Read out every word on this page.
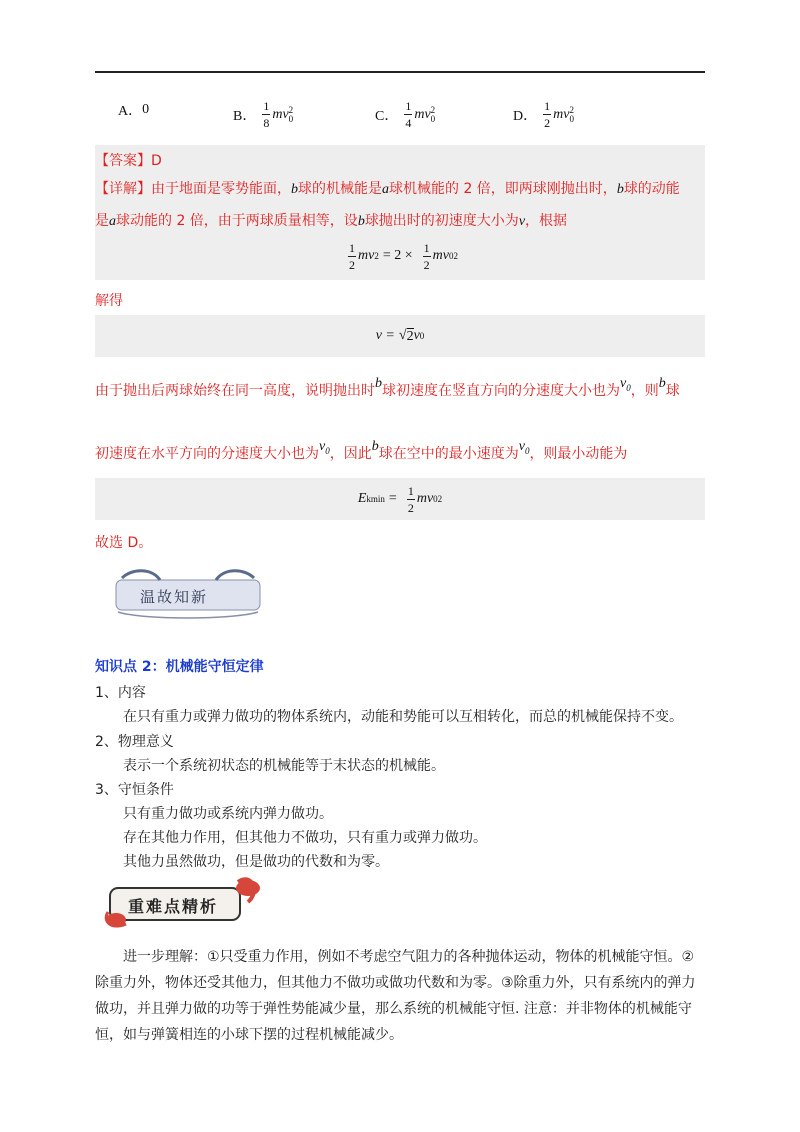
A． 0	B． $\frac{1}{8}$ mv 2
0	C． $\frac{1}{4}$ mv 2
0	D． $\frac{1}{2}$ mv 2
0
【答案】D
【详解】由于地面是零势能面，b球的机械能是a球机械能的 2 倍，即两球刚抛出时，b球的动能
是a球动能的 2 倍，由于两球质量相等，设b球抛出时的初速度大小为v，根据
$\frac{1}{2}$ mv $2 = 2 \times \frac{1}{2}$ mv 0 2
解得
v = √ 2 v 0
由于抛出后两球始终在同一高度，说明抛出时b球初速度在竖直方向的分速度大小也为$v_0$，则b球
初速度在水平方向的分速度大小也为$v_0$，因此b球在空中的最小速度为$v_0$，则最小动能为
E $kmin = \frac{1}{2}$ mv 0 2
故选 D。
温故知新
知识点 2：机械能守恒定律
1、内容
在只有重力或弹力做功的物体系统内，动能和势能可以互相转化，而总的机械能保持不变。
2、物理意义
表示一个系统初状态的机械能等于末状态的机械能。
3、守恒条件
只有重力做功或系统内弹力做功。
存在其他力作用，但其他力不做功，只有重力或弹力做功。
其他力虽然做功，但是做功的代数和为零。
重难点精析
进一步理解：①只受重力作用，例如不考虑空气阻力的各种抛体运动，物体的机械能守恒。②
除重力外，物体还受其他力，但其他力不做功或做功代数和为零。③除重力外，只有系统内的弹力
做功，并且弹力做的功等于弹性势能减少量，那么系统的机械能守恒. 注意：并非物体的机械能守
恒，如与弹簧相连的小球下摆的过程机械能减少。
